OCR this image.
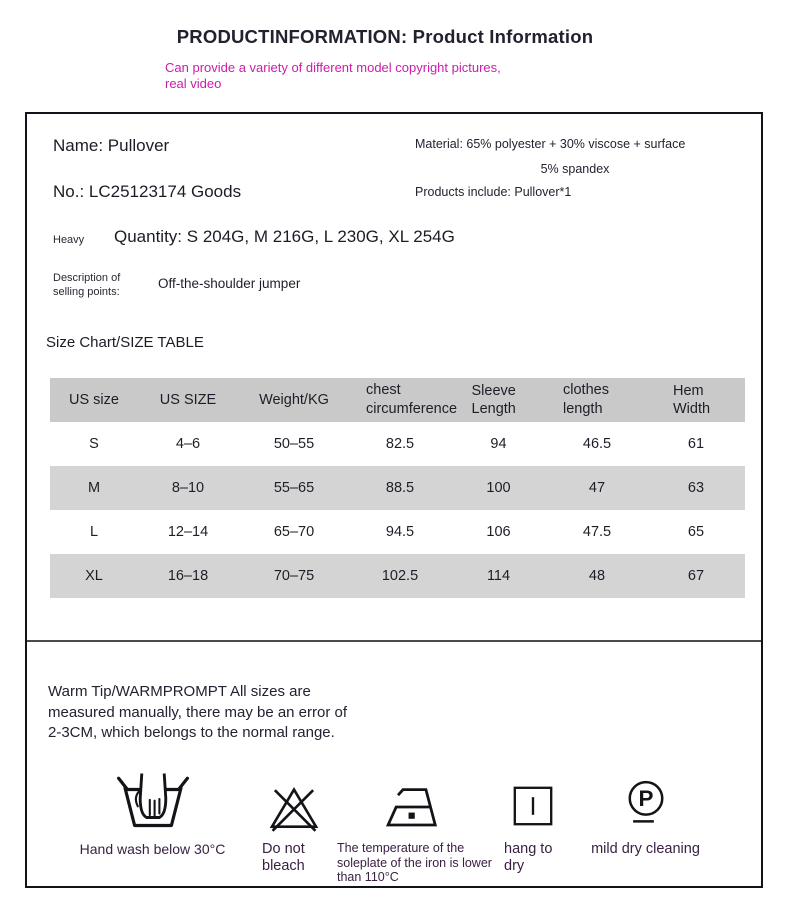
PRODUCTINFORMATION: Product Information
Can provide a variety of different model copyright pictures,
real video
Name: Pullover	Material: 65% polyester + 30% viscose + surface
5% spandex
No.: LC25123174 Goods	Products include: Pullover*1
Heavy Quantity: S 204G, M 216G, L 230G, XL 254G
Description of
selling points:
Off-the-shoulder jumper
Size Chart/SIZE TABLE
US size	US SIZE	Weight/KG	chest circumference	Sleeve Length	clothes length	Hem Width
S	4–6	50–55	82.5	94	46.5	61
M	8–10	55–65	88.5	100	47	63
L	12–14	65–70	94.5	106	47.5	65
XL	16–18	70–75	102.5	114	48	67
Warm Tip/WARMPROMPT All sizes are
measured manually, there may be an error of
2-3CM, which belongs to the normal range.
Hand wash below 30°C	Do not bleach
The temperature of the soleplate of the iron is lower than 110°C
hang to dry
P
mild dry cleaning
